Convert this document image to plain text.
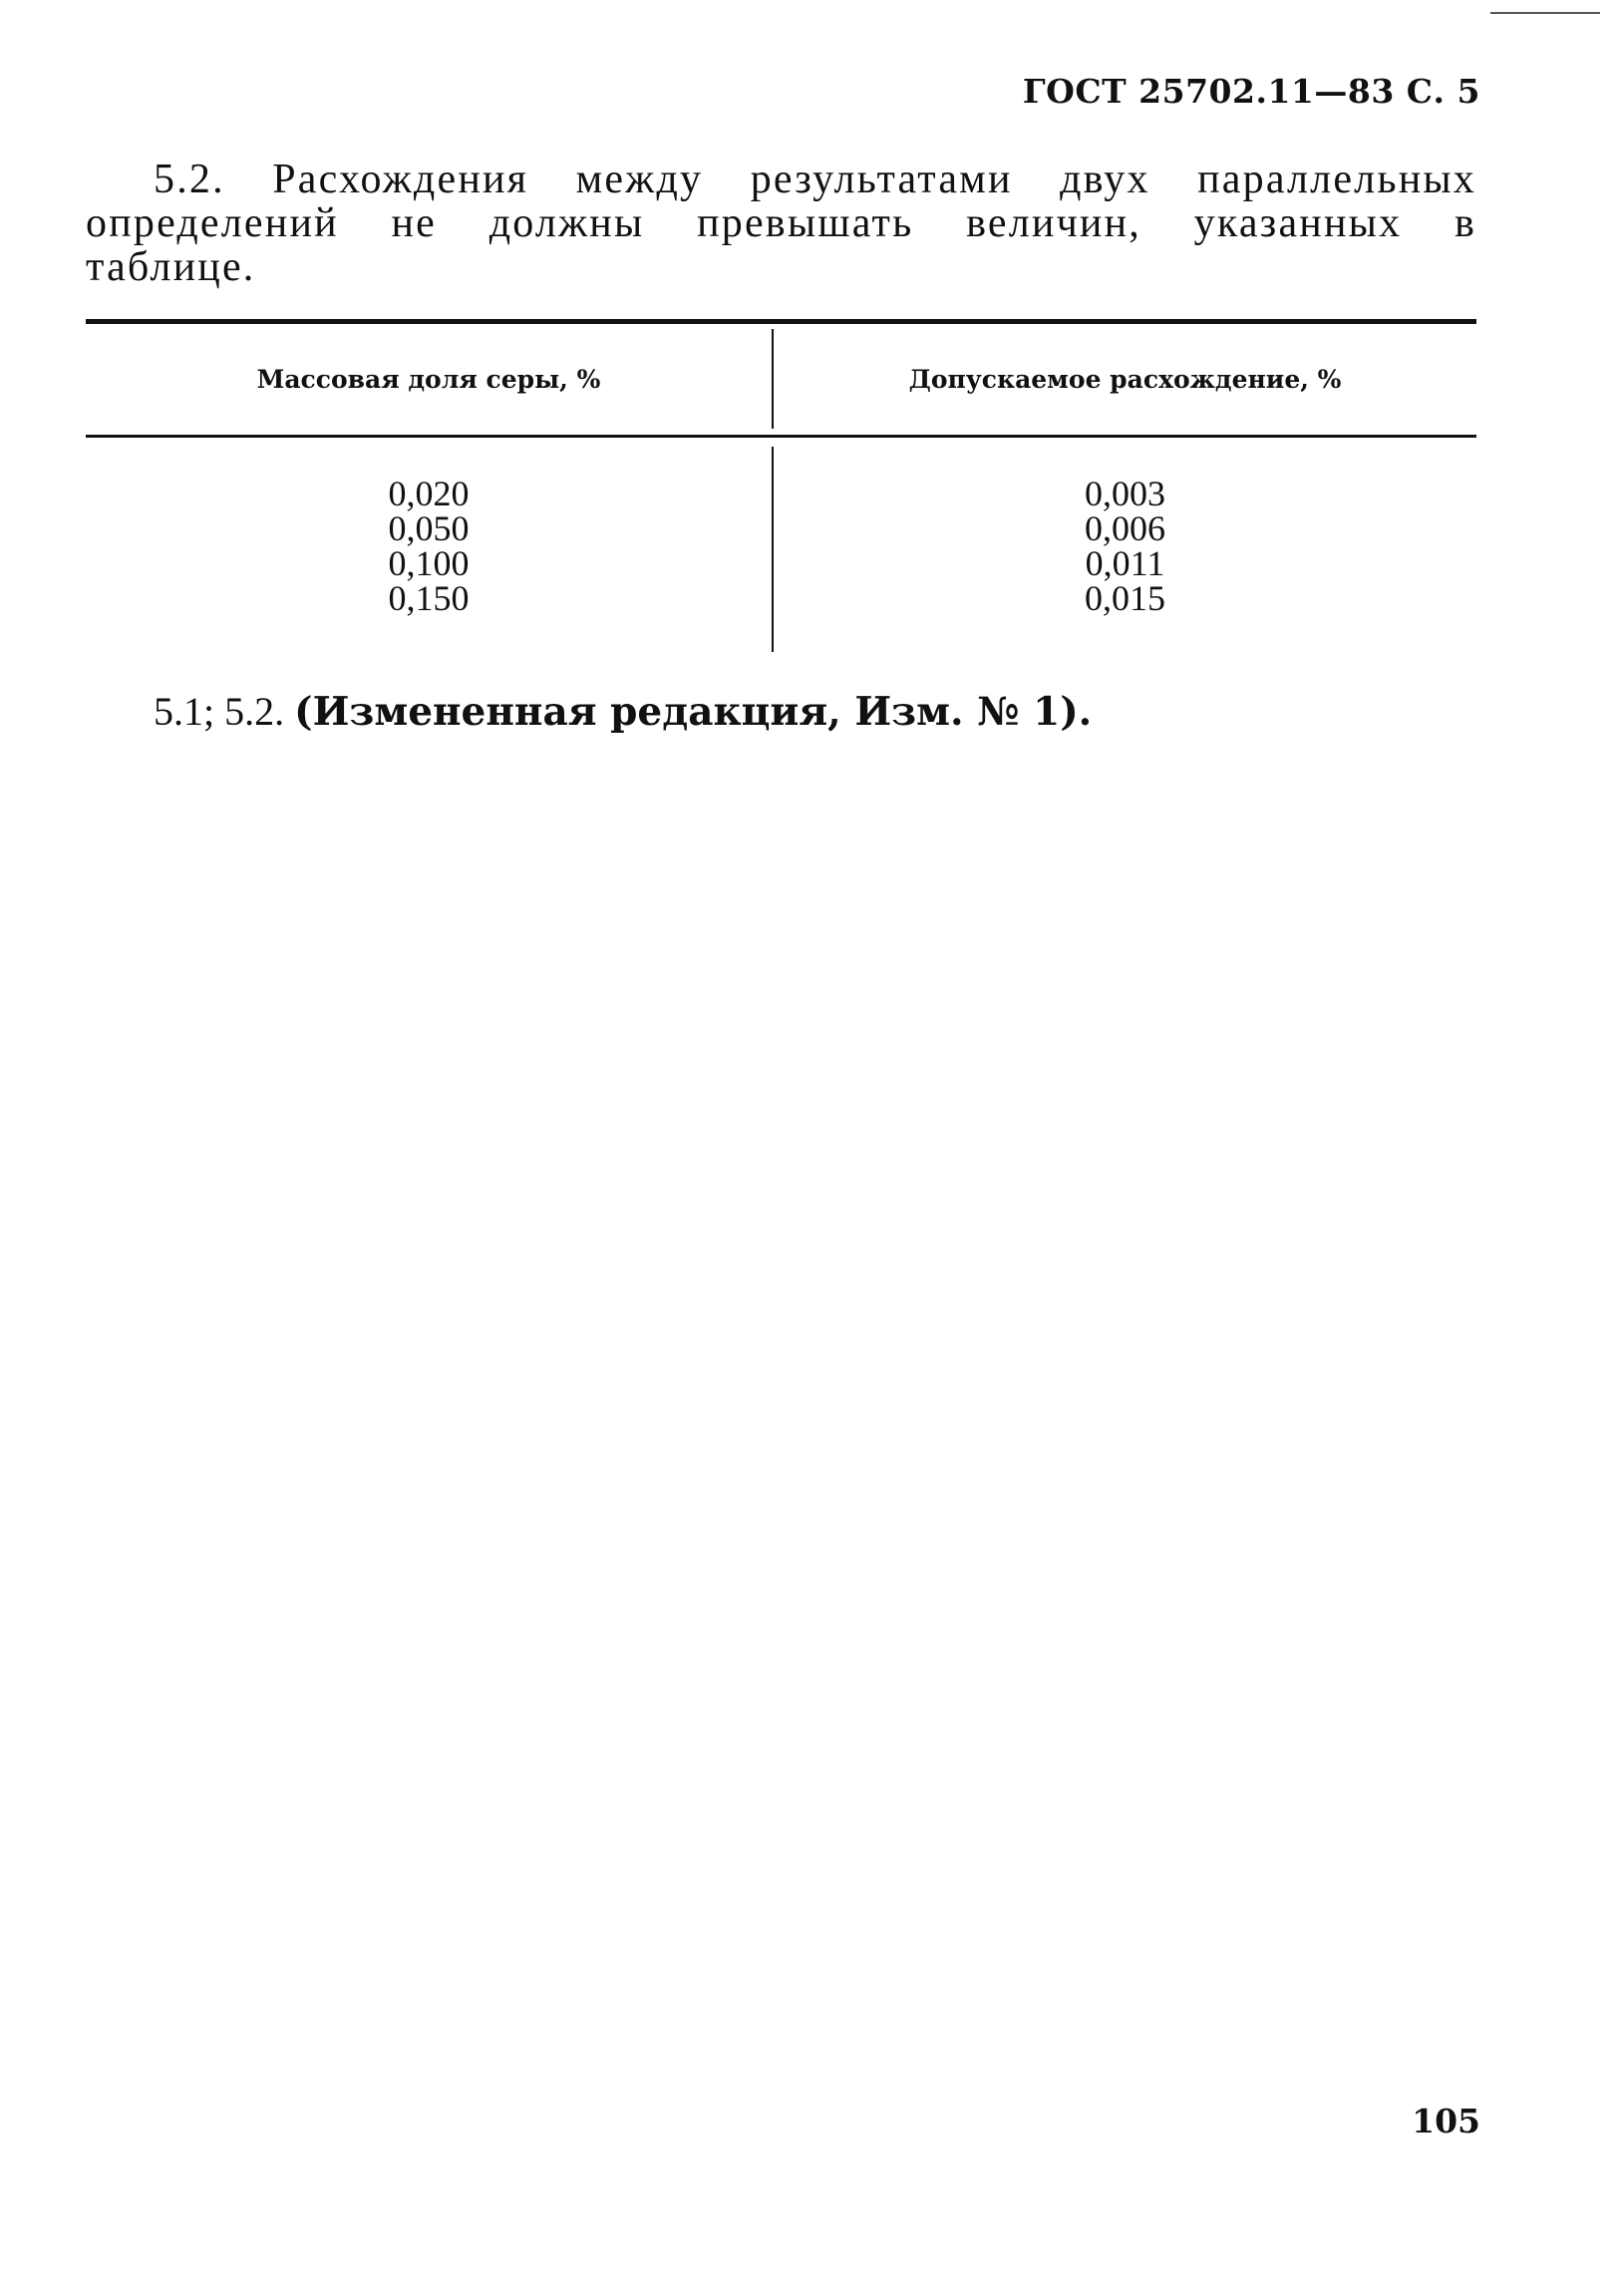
ГОСТ 25702.11—83 С. 5
5.2. Расхождения между результатами двух параллельных определений не должны превышать величин, указанных в таблице.
Массовая доля серы, %	Допускаемое расхождение, %
0,020
0,050
0,100
0,150
0,003
0,006
0,011
0,015
5.1; 5.2. (Измененная редакция, Изм. № 1).
105
